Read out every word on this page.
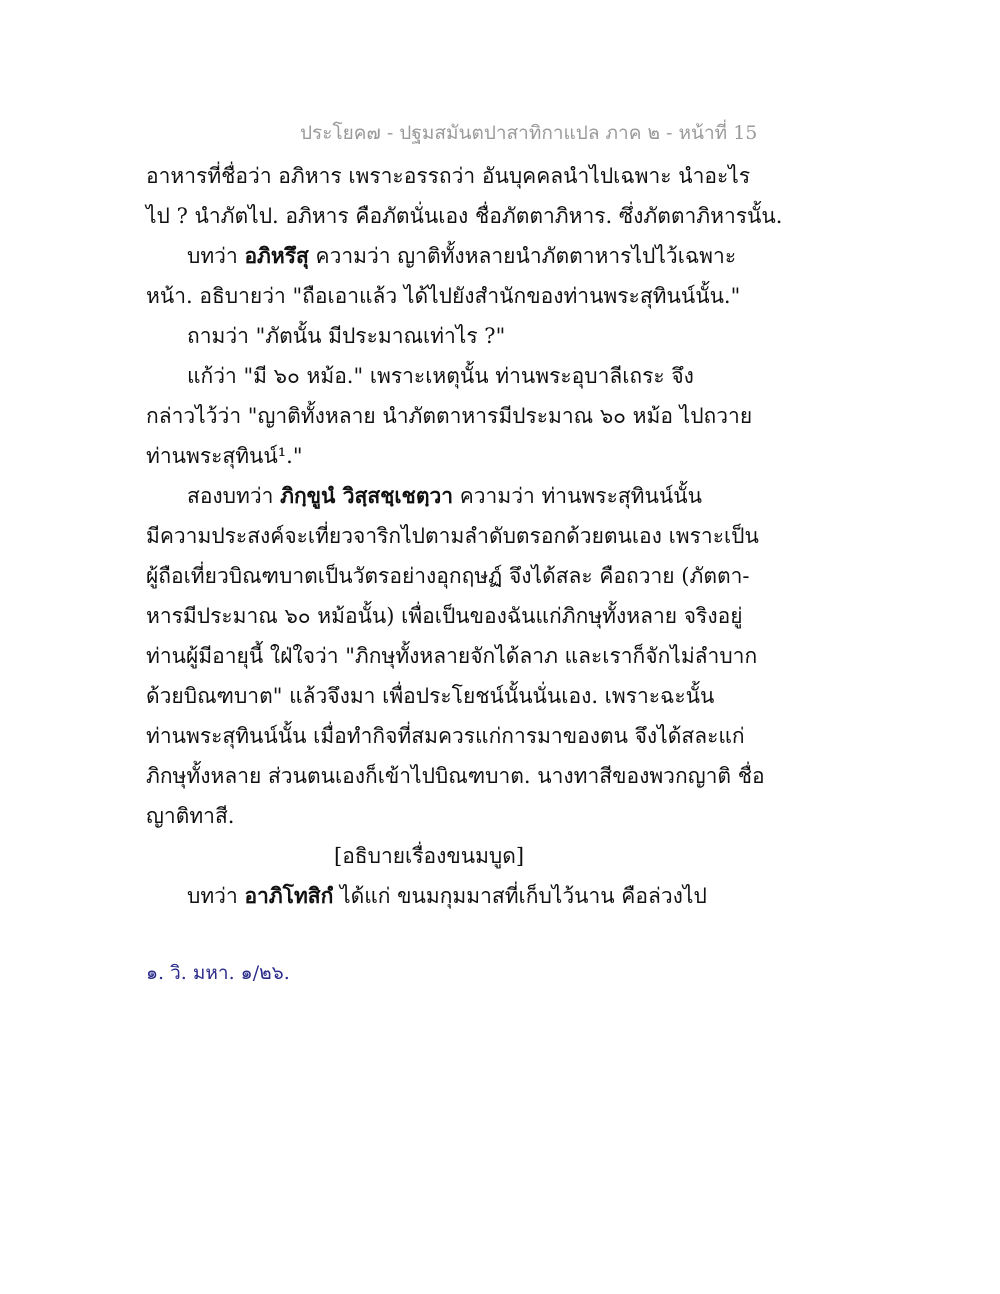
ประโยค๗ - ปฐมสมันตปาสาทิกาแปล ภาค ๒ - หน้าที่ 15
อาหารที่ชื่อว่า อภิหาร เพราะอรรถว่า อันบุคคลนำไปเฉพาะ นำอะไร
ไป ? นำภัตไป. อภิหาร คือภัตนั่นเอง ชื่อภัตตาภิหาร. ซึ่งภัตตาภิหารนั้น.
บทว่า อภิหรึสุ ความว่า ญาติทั้งหลายนำภัตตาหารไปไว้เฉพาะ
หน้า. อธิบายว่า "ถือเอาแล้ว ได้ไปยังสำนักของท่านพระสุทินน์นั้น."
ถามว่า "ภัตนั้น มีประมาณเท่าไร ?"
แก้ว่า "มี ๖๐ หม้อ." เพราะเหตุนั้น ท่านพระอุบาลีเถระ จึง
กล่าวไว้ว่า "ญาติทั้งหลาย นำภัตตาหารมีประมาณ ๖๐ หม้อ ไปถวาย
ท่านพระสุทินน์¹."
สองบทว่า ภิกฺขูนํ วิสฺสชฺเชตฺวา ความว่า ท่านพระสุทินน์นั้น
มีความประสงค์จะเที่ยวจาริกไปตามลำดับตรอกด้วยตนเอง เพราะเป็น
ผู้ถือเที่ยวบิณฑบาตเป็นวัตรอย่างอุกฤษฏ์ จึงได้สละ คือถวาย (ภัตตา-
หารมีประมาณ ๖๐ หม้อนั้น) เพื่อเป็นของฉันแก่ภิกษุทั้งหลาย จริงอยู่
ท่านผู้มีอายุนี้ ใฝ่ใจว่า "ภิกษุทั้งหลายจักได้ลาภ และเราก็จักไม่ลำบาก
ด้วยบิณฑบาต" แล้วจึงมา เพื่อประโยชน์นั้นนั่นเอง. เพราะฉะนั้น
ท่านพระสุทินน์นั้น เมื่อทำกิจที่สมควรแก่การมาของตน จึงได้สละแก่
ภิกษุทั้งหลาย ส่วนตนเองก็เข้าไปบิณฑบาต. นางทาสีของพวกญาติ ชื่อ
ญาติทาสี.
[อธิบายเรื่องขนมบูด]
บทว่า อาภิโทสิกํ ได้แก่ ขนมกุมมาสที่เก็บไว้นาน คือล่วงไป
๑. วิ. มหา. ๑/๒๖.
